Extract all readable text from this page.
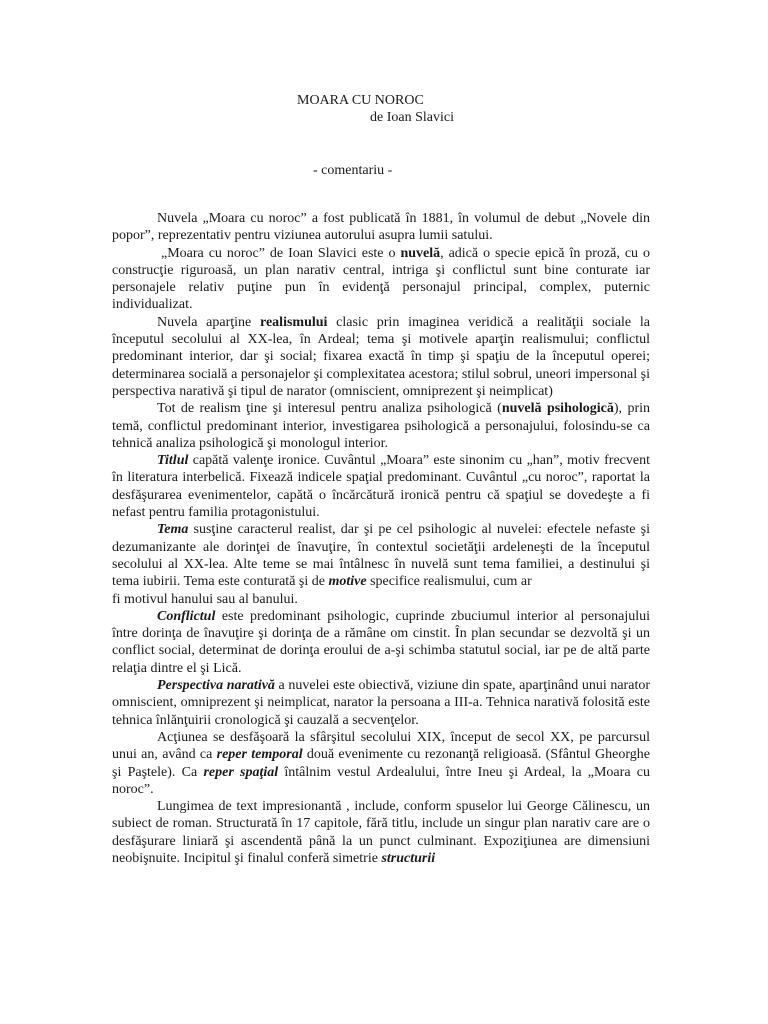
MOARA CU NOROC
de Ioan Slavici
- comentariu -

Nuvela „Moara cu noroc” a fost publicată în 1881, în volumul de debut „Novele din popor”, reprezentativ pentru viziunea autorului asupra lumii satului.

„Moara cu noroc” de Ioan Slavici este o nuvelă, adică o specie epică în proză, cu o construcţie riguroasă, un plan narativ central, intriga şi conflictul sunt bine conturate iar personajele relativ puţine pun în evidenţă personajul principal, complex, puternic individualizat.

Nuvela aparţine realismului clasic prin imaginea veridică a realităţii sociale la începutul secolului al XX-lea, în Ardeal; tema şi motivele aparţin realismului; conflictul predominant interior, dar şi social; fixarea exactă în timp şi spaţiu de la începutul operei; determinarea socială a personajelor şi complexitatea acestora; stilul sobrul, uneori impersonal şi perspectiva narativă şi tipul de narator (omniscient, omniprezent şi neimplicat)

Tot de realism ţine şi interesul pentru analiza psihologică (nuvelă psihologică), prin temă, conflictul predominant interior, investigarea psihologică a personajului, folosindu-se ca tehnică analiza psihologică şi monologul interior.

Titlul capătă valenţe ironice. Cuvântul „Moara” este sinonim cu „han”, motiv frecvent în literatura interbelică. Fixează indicele spaţial predominant. Cuvântul „cu noroc”, raportat la desfăşurarea evenimentelor, capătă o încărcătură ironică pentru că spaţiul se dovedeşte a fi nefast pentru familia protagonistului.

Tema susţine caracterul realist, dar şi pe cel psihologic al nuvelei: efectele nefaste şi dezumanizante ale dorinţei de înavuţire, în contextul societăţii ardeleneşti de la începutul secolului al XX-lea. Alte teme se mai întâlnesc în nuvelă sunt tema familiei, a destinului şi tema iubirii. Tema este conturată şi de motive specifice realismului, cum ar

fi motivul hanului sau al banului.

Conflictul este predominant psihologic, cuprinde zbuciumul interior al personajului între dorinţa de înavuţire şi dorinţa de a rămâne om cinstit. În plan secundar se dezvoltă şi un conflict social, determinat de dorinţa eroului de a-şi schimba statutul social, iar pe de altă parte relaţia dintre el şi Lică.

Perspectiva narativă a nuvelei este obiectivă, viziune din spate, aparţinând unui narator omniscient, omniprezent şi neimplicat, narator la persoana a III-a. Tehnica narativă folosită este tehnica înlănţuirii cronologică şi cauzală a secvenţelor.

Acţiunea se desfăşoară la sfârşitul secolului XIX, început de secol XX, pe parcursul unui an, având ca reper temporal două evenimente cu rezonanţă religioasă. (Sfântul Gheorghe şi Paştele). Ca reper spaţial întâlnim vestul Ardealului, între Ineu şi Ardeal, la „Moara cu noroc”.

Lungimea de text impresionantă , include, conform spuselor lui George Călinescu, un subiect de roman. Structurată în 17 capitole, fără titlu, include un singur plan narativ care are o desfăşurare liniară şi ascendentă până la un punct culminant. Expoziţiunea are dimensiuni neobişnuite. Incipitul şi finalul conferă simetrie structurii
